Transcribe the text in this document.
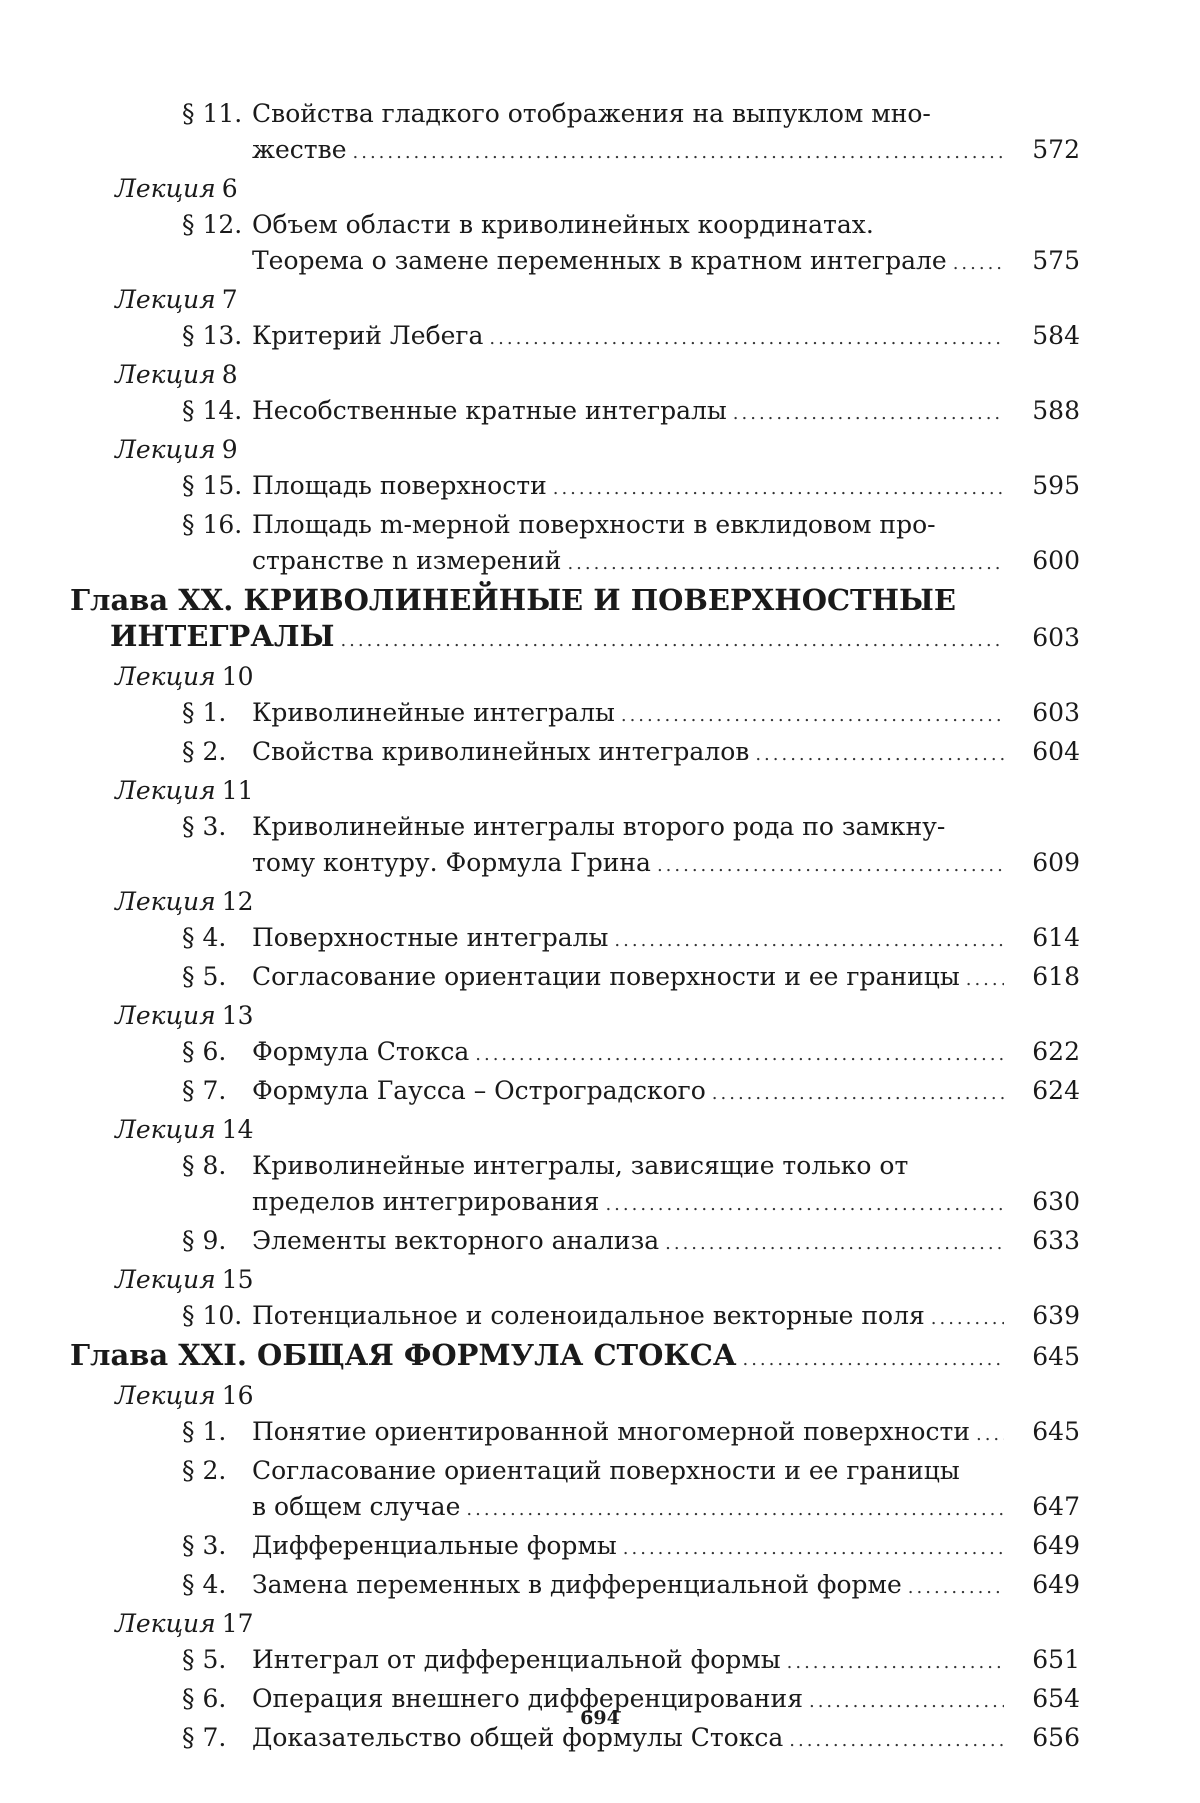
§ 11. Свойства гладкого отображения на выпуклом мно-
жестве .....	572
Лекция 6
§ 12. Объем области в криволинейных координатах.
Теорема о замене переменных в кратном интеграле .....	575
Лекция 7
§ 13. Критерий Лебега .....	584
Лекция 8
§ 14. Несобственные кратные интегралы .....	588
Лекция 9
§ 15. Площадь поверхности .....	595
§ 16. Площадь m-мерной поверхности в евклидовом про-
странстве n измерений .....	600
Глава XX. КРИВОЛИНЕЙНЫЕ И ПОВЕРХНОСТНЫЕ
ИНТЕГРАЛЫ .....	603
Лекция 10
§ 1.	Криволинейные интегралы .....	603
§ 2.	Свойства криволинейных интегралов .....	604
Лекция 11
§ 3.	Криволинейные интегралы второго рода по замкну-
тому контуру. Формула Грина .....	609
Лекция 12
§ 4.	Поверхностные интегралы .....	614
§ 5.	Согласование ориентации поверхности и ее границы .....	618
Лекция 13
§ 6.	Формула Стокса .....	622
§ 7.	Формула Гаусса – Остроградского .....	624
Лекция 14
§ 8.	Криволинейные интегралы, зависящие только от
пределов интегрирования .....	630
§ 9.	Элементы векторного анализа .....	633
Лекция 15
§ 10. Потенциальное и соленоидальное векторные поля .....	639
Глава XXI. ОБЩАЯ ФОРМУЛА СТОКСА .....	645
Лекция 16
§ 1.	Понятие ориентированной многомерной поверхности .....	645
§ 2.	Согласование ориентаций поверхности и ее границы
в общем случае .....	647
§ 3.	Дифференциальные формы .....	649
§ 4.	Замена переменных в дифференциальной форме .....	649
Лекция 17
§ 5.	Интеграл от дифференциальной формы .....	651
§ 6.	Операция внешнего дифференцирования .....	654
§ 7.	Доказательство общей формулы Стокса .....	656
694
